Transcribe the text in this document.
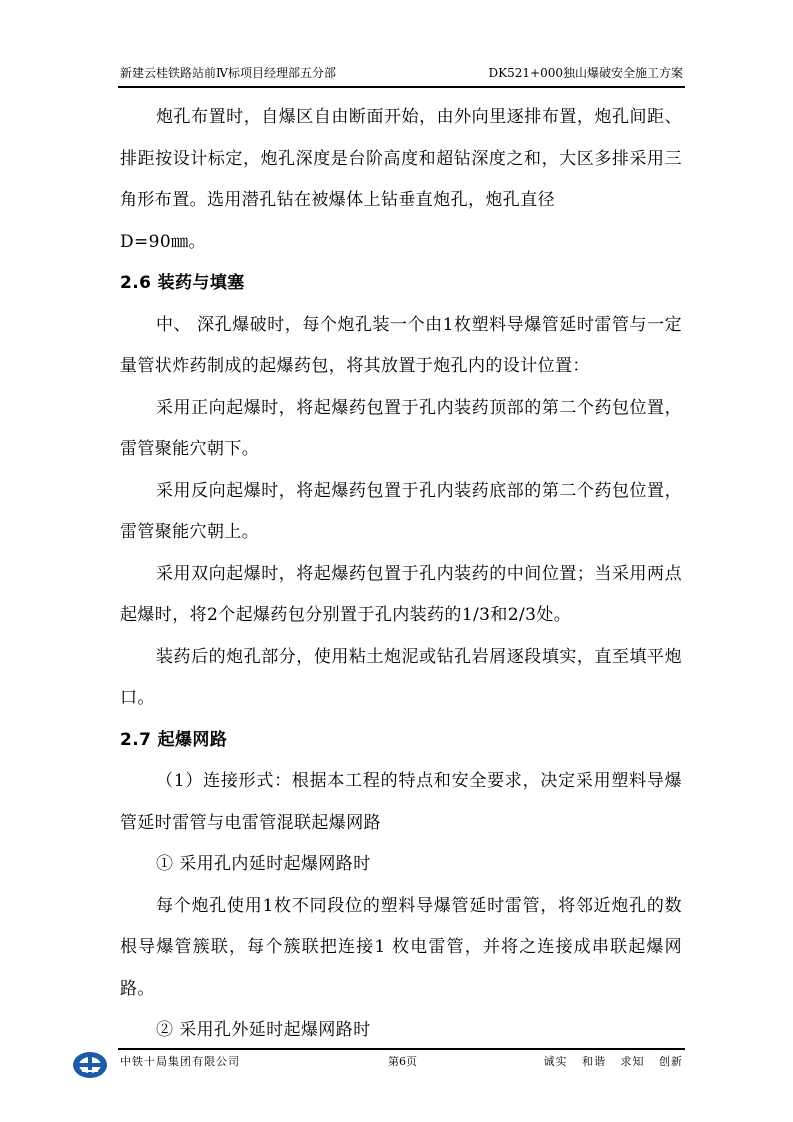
新建云桂铁路站前Ⅳ标项目经理部五分部	DK521+000独山爆破安全施工方案

炮孔布置时，自爆区自由断面开始，由外向里逐排布置，炮孔间距、排距按设计标定，炮孔深度是台阶高度和超钻深度之和，大区多排采用三角形布置。选用潜孔钻在被爆体上钻垂直炮孔，炮孔直径

D=90㎜。

2.6 装药与填塞

中、 深孔爆破时，每个炮孔装一个由1枚塑料导爆管延时雷管与一定量管状炸药制成的起爆药包，将其放置于炮孔内的设计位置：

采用正向起爆时，将起爆药包置于孔内装药顶部的第二个药包位置，雷管聚能穴朝下。

采用反向起爆时，将起爆药包置于孔内装药底部的第二个药包位置，雷管聚能穴朝上。

采用双向起爆时，将起爆药包置于孔内装药的中间位置；当采用两点起爆时，将2个起爆药包分别置于孔内装药的1/3和2/3处。

装药后的炮孔部分，使用粘土炮泥或钻孔岩屑逐段填实，直至填平炮口。

2.7 起爆网路

（1）连接形式：根据本工程的特点和安全要求，决定采用塑料导爆管延时雷管与电雷管混联起爆网路

① 采用孔内延时起爆网路时

每个炮孔使用1枚不同段位的塑料导爆管延时雷管，将邻近炮孔的数根导爆管簇联，每个簇联把连接1 枚电雷管，并将之连接成串联起爆网路。

② 采用孔外延时起爆网路时

中铁十局集团有限公司	第6页	诚实 和谐 求知 创新
